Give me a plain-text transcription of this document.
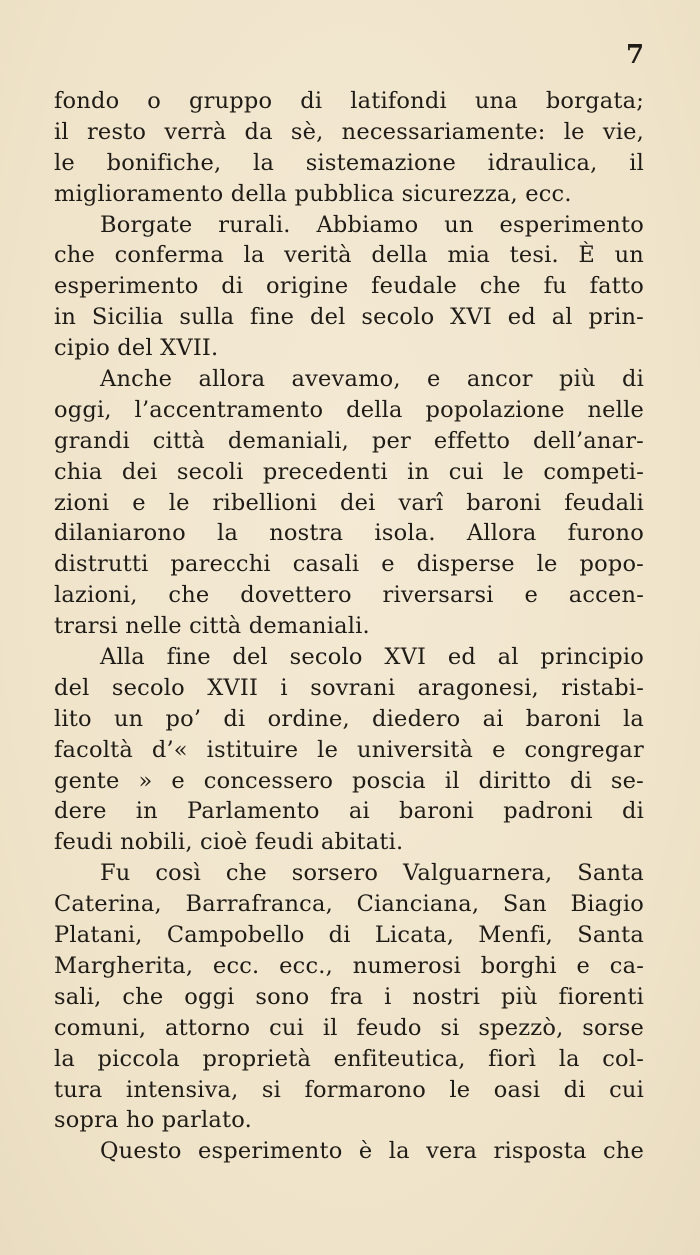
7
fondo o gruppo di latifondi una borgata;
il resto verrà da sè, necessariamente: le vie,
le bonifiche, la sistemazione idraulica, il
miglioramento della pubblica sicurezza, ecc.
Borgate rurali. Abbiamo un esperimento
che conferma la verità della mia tesi. È un
esperimento di origine feudale che fu fatto
in Sicilia sulla fine del secolo XVI ed al prin-
cipio del XVII.
Anche allora avevamo, e ancor più di
oggi, l’accentramento della popolazione nelle
grandi città demaniali, per effetto dell’anar-
chia dei secoli precedenti in cui le competi-
zioni e le ribellioni dei varî baroni feudali
dilaniarono la nostra isola. Allora furono
distrutti parecchi casali e disperse le popo-
lazioni, che dovettero riversarsi e accen-
trarsi nelle città demaniali.
Alla fine del secolo XVI ed al principio
del secolo XVII i sovrani aragonesi, ristabi-
lito un po’ di ordine, diedero ai baroni la
facoltà d’« istituire le università e congregar
gente » e concessero poscia il diritto di se-
dere in Parlamento ai baroni padroni di
feudi nobili, cioè feudi abitati.
Fu così che sorsero Valguarnera, Santa
Caterina, Barrafranca, Cianciana, San Biagio
Platani, Campobello di Licata, Menfi, Santa
Margherita, ecc. ecc., numerosi borghi e ca-
sali, che oggi sono fra i nostri più fiorenti
comuni, attorno cui il feudo si spezzò, sorse
la piccola proprietà enfiteutica, fiorì la col-
tura intensiva, si formarono le oasi di cui
sopra ho parlato.
Questo esperimento è la vera risposta che
